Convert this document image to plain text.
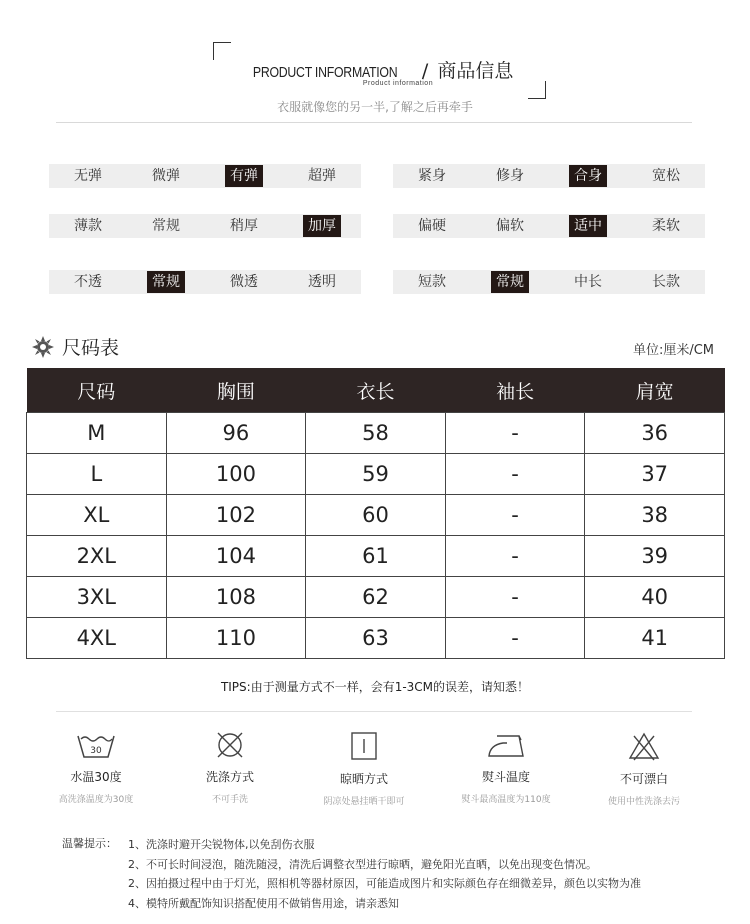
PRODUCT INFORMATION / 商品信息
Product information
衣服就像您的另一半,了解之后再牵手
无弹	微弹	有弹	超弹	紧身	修身	合身	宽松
薄款	常规	稍厚	加厚	偏硬	偏软	适中	柔软
不透	常规	微透	透明	短款	常规	中长	长款
尺码表	单位:厘米/CM
尺码	胸围	衣长	袖长	肩宽
M	96	58	-	36
L	100	59	-	37
XL	102	60	-	38
2XL	104	61	-	39
3XL	108	62	-	40
4XL	110	63	-	41
TIPS:由于测量方式不一样，会有1-3CM的误差，请知悉！
30
水温30度
高洗涤温度为30度
洗涤方式
不可手洗
晾晒方式
阴凉处悬挂晒干即可
熨斗温度
熨斗最高温度为110度
不可漂白
使用中性洗涤去污
温馨提示： 1、洗涤时避开尖锐物体,以免刮伤衣服
2、不可长时间浸泡，随洗随浸，清洗后调整衣型进行晾晒，避免阳光直晒，以免出现变色情况。
2、因拍摄过程中由于灯光，照相机等器材原因，可能造成图片和实际颜色存在细微差异，颜色以实物为准
4、模特所戴配饰知识搭配使用不做销售用途，请亲悉知
